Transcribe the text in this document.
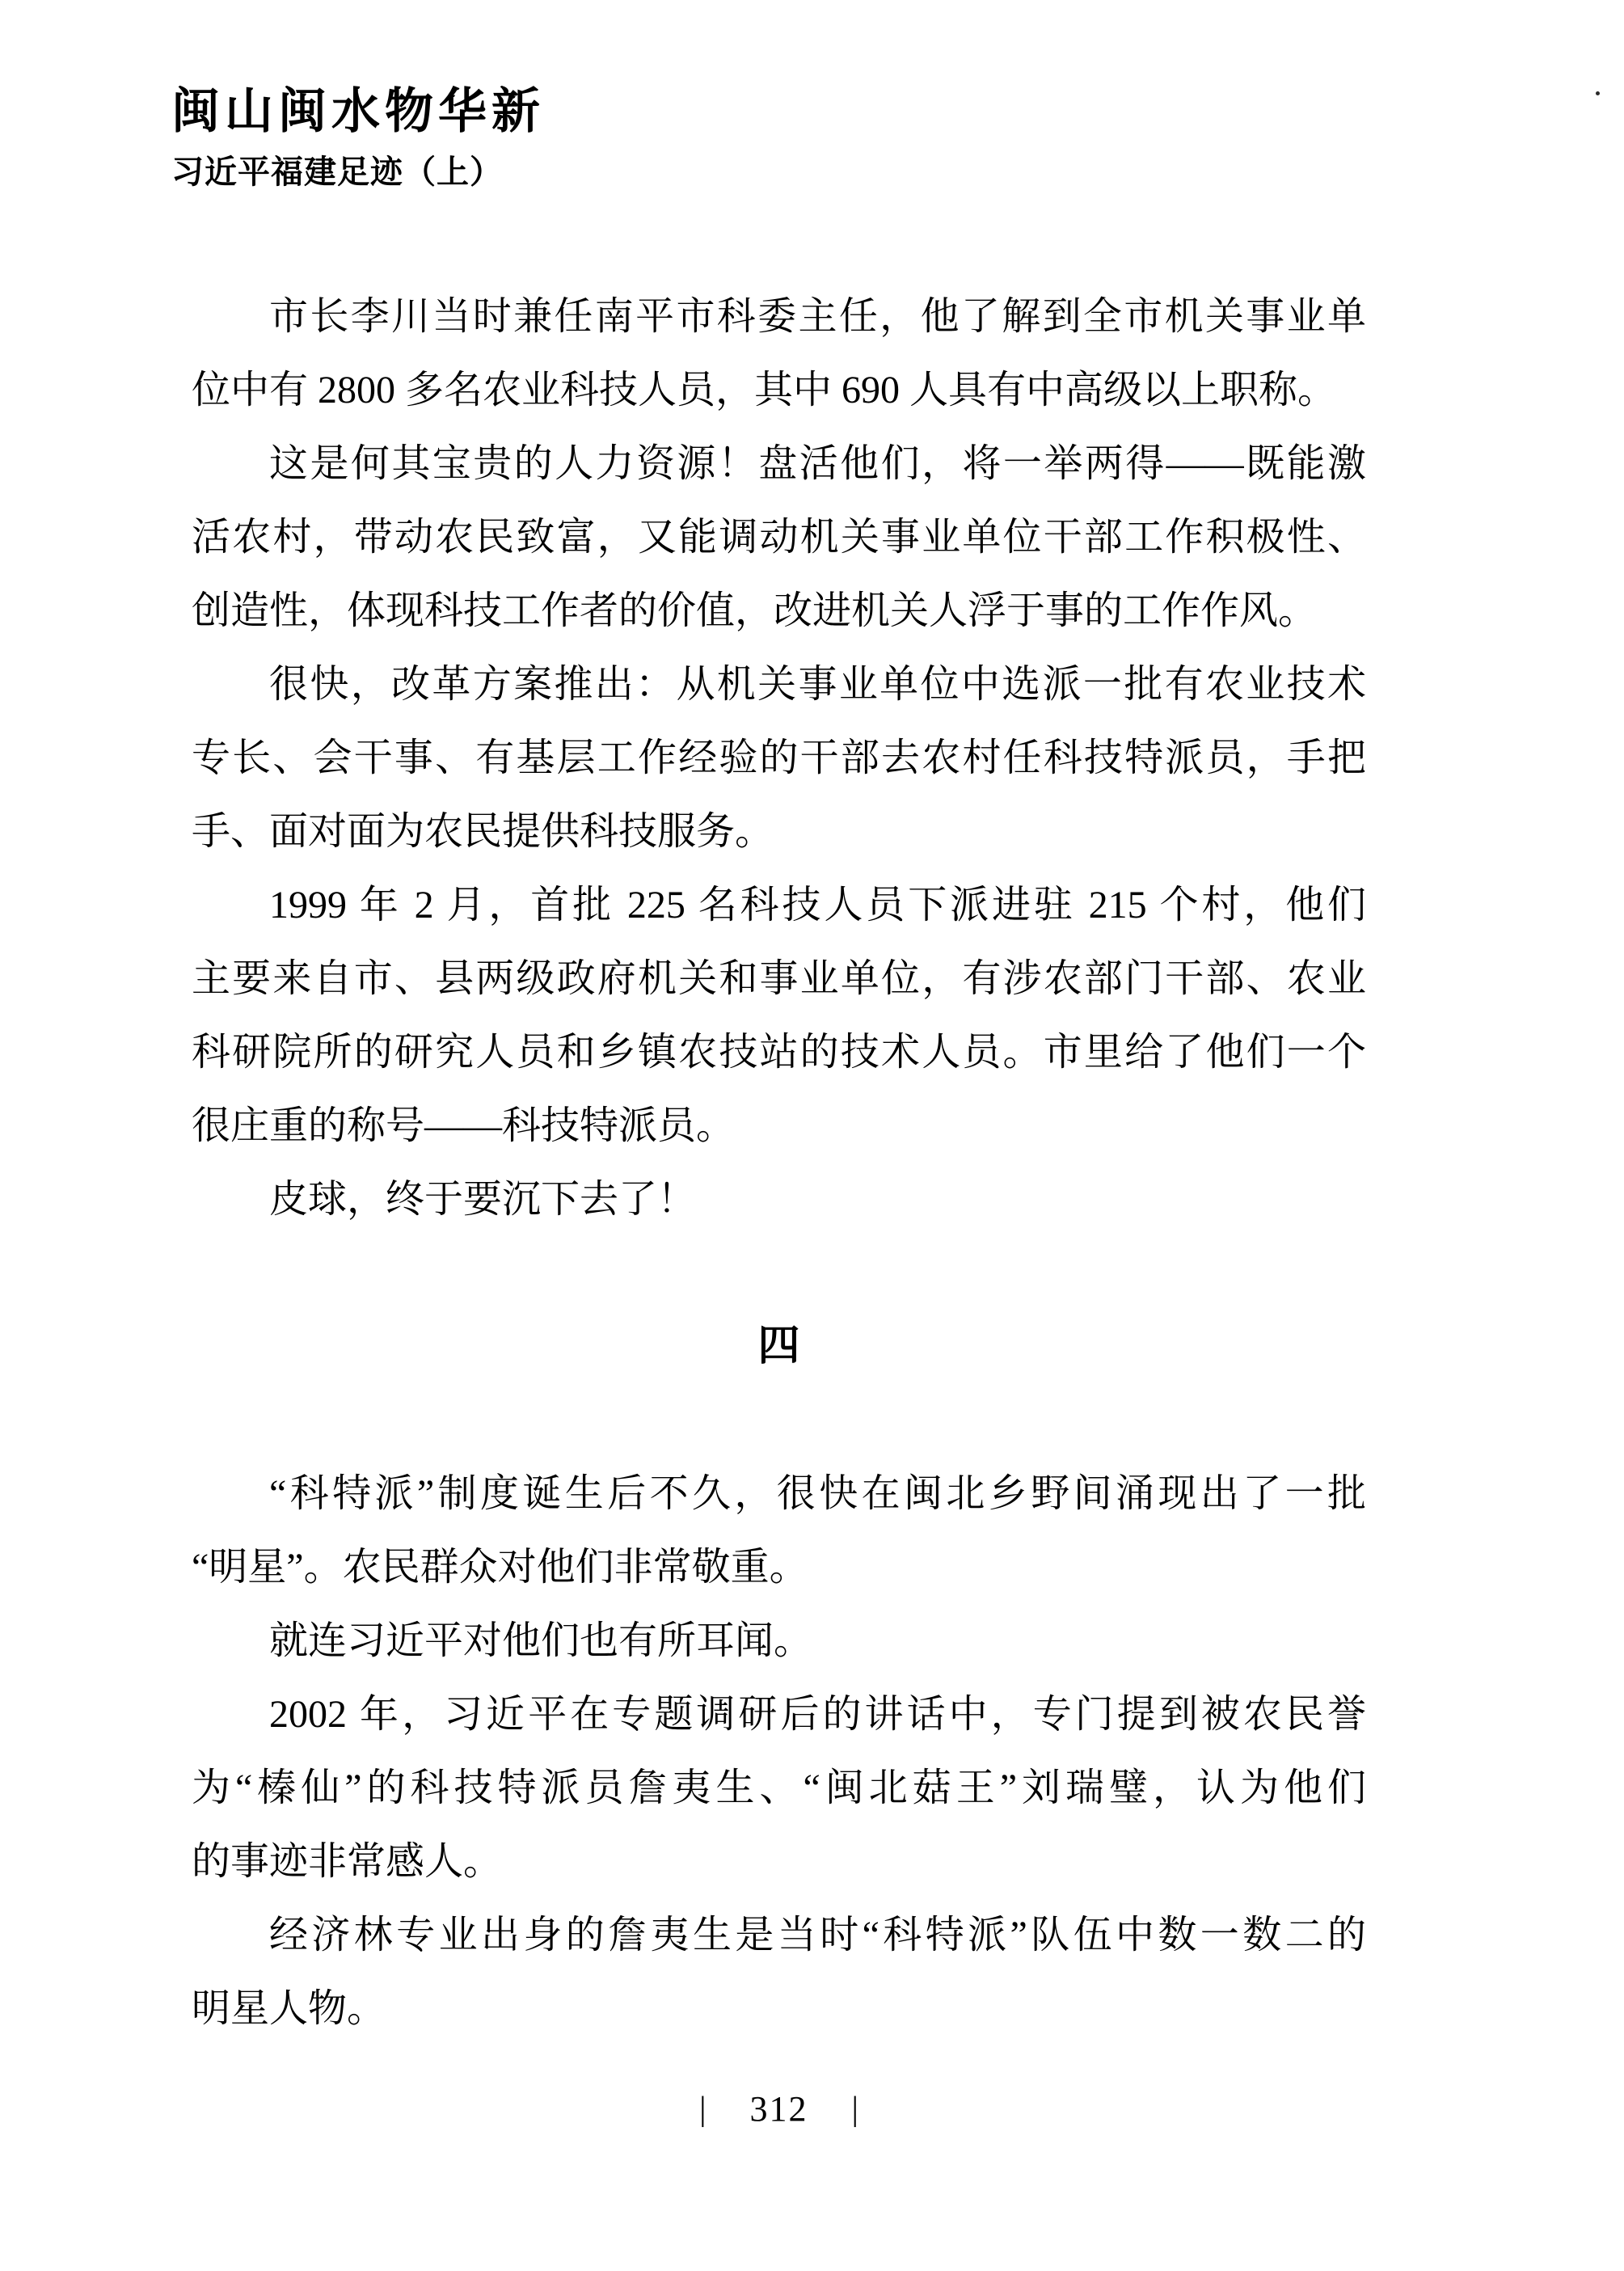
闽山闽水物华新
习近平福建足迹（上）
市长李川当时兼任南平市科委主任，他了解到全市机关事业单
位中有 2800 多名农业科技人员，其中 690 人具有中高级以上职称。
这是何其宝贵的人力资源！盘活他们，将一举两得——既能激
活农村，带动农民致富，又能调动机关事业单位干部工作积极性、
创造性，体现科技工作者的价值，改进机关人浮于事的工作作风。
很快，改革方案推出：从机关事业单位中选派一批有农业技术
专长、会干事、有基层工作经验的干部去农村任科技特派员，手把
手、面对面为农民提供科技服务。
1999 年 2 月，首批 225 名科技人员下派进驻 215 个村，他们
主要来自市、县两级政府机关和事业单位，有涉农部门干部、农业
科研院所的研究人员和乡镇农技站的技术人员。市里给了他们一个
很庄重的称号——科技特派员。
皮球，终于要沉下去了！
四
“科特派”制度诞生后不久，很快在闽北乡野间涌现出了一批
“明星”。农民群众对他们非常敬重。
就连习近平对他们也有所耳闻。
2002 年，习近平在专题调研后的讲话中，专门提到被农民誉
为“榛仙”的科技特派员詹夷生、“闽北菇王”刘瑞璧，认为他们
的事迹非常感人。
经济林专业出身的詹夷生是当时“科特派”队伍中数一数二的
明星人物。
| 312 |
